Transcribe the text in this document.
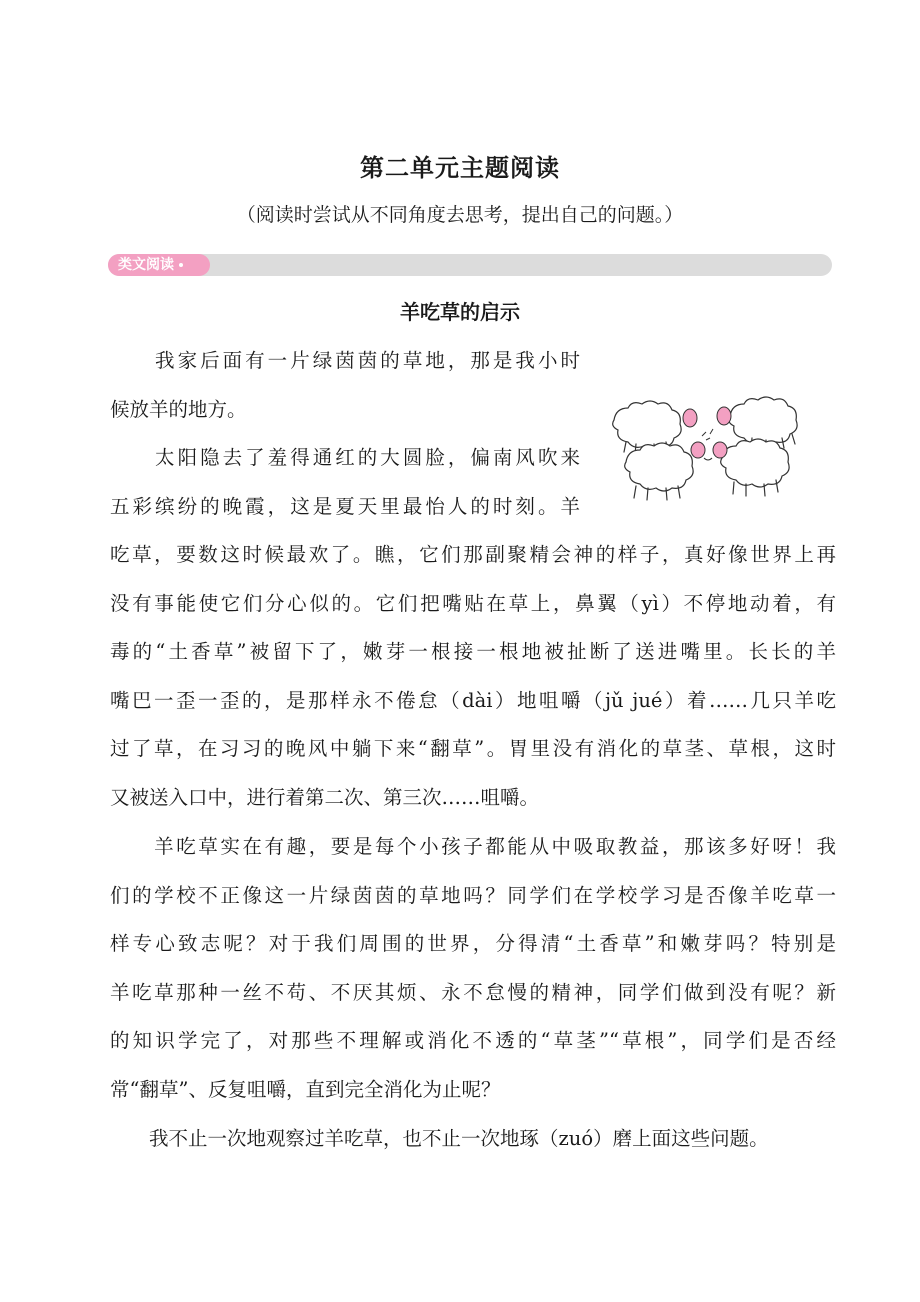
第二单元主题阅读
（阅读时尝试从不同角度去思考，提出自己的问题。）
类文阅读
羊吃草的启示
　　我家后面有一片绿茵茵的草地，那是我小时
候放羊的地方。
　　太阳隐去了羞得通红的大圆脸，偏南风吹来
五彩缤纷的晚霞，这是夏天里最怡人的时刻。羊
吃草，要数这时候最欢了。瞧，它们那副聚精会神的样子，真好像世界上再
没有事能使它们分心似的。它们把嘴贴在草上，鼻翼（yì）不停地动着，有
毒的“土香草”被留下了，嫩芽一根接一根地被扯断了送进嘴里。长长的羊
嘴巴一歪一歪的，是那样永不倦怠（dài）地咀嚼（jǔ jué）着……几只羊吃
过了草，在习习的晚风中躺下来“翻草”。胃里没有消化的草茎、草根，这时
又被送入口中，进行着第二次、第三次……咀嚼。
　　羊吃草实在有趣，要是每个小孩子都能从中吸取教益，那该多好呀！我
们的学校不正像这一片绿茵茵的草地吗？同学们在学校学习是否像羊吃草一
样专心致志呢？对于我们周围的世界，分得清“土香草”和嫩芽吗？特别是
羊吃草那种一丝不苟、不厌其烦、永不怠慢的精神，同学们做到没有呢？新
的知识学完了，对那些不理解或消化不透的“草茎”“草根”，同学们是否经
常“翻草”、反复咀嚼，直到完全消化为止呢？
　　我不止一次地观察过羊吃草，也不止一次地琢（zuó）磨上面这些问题。
